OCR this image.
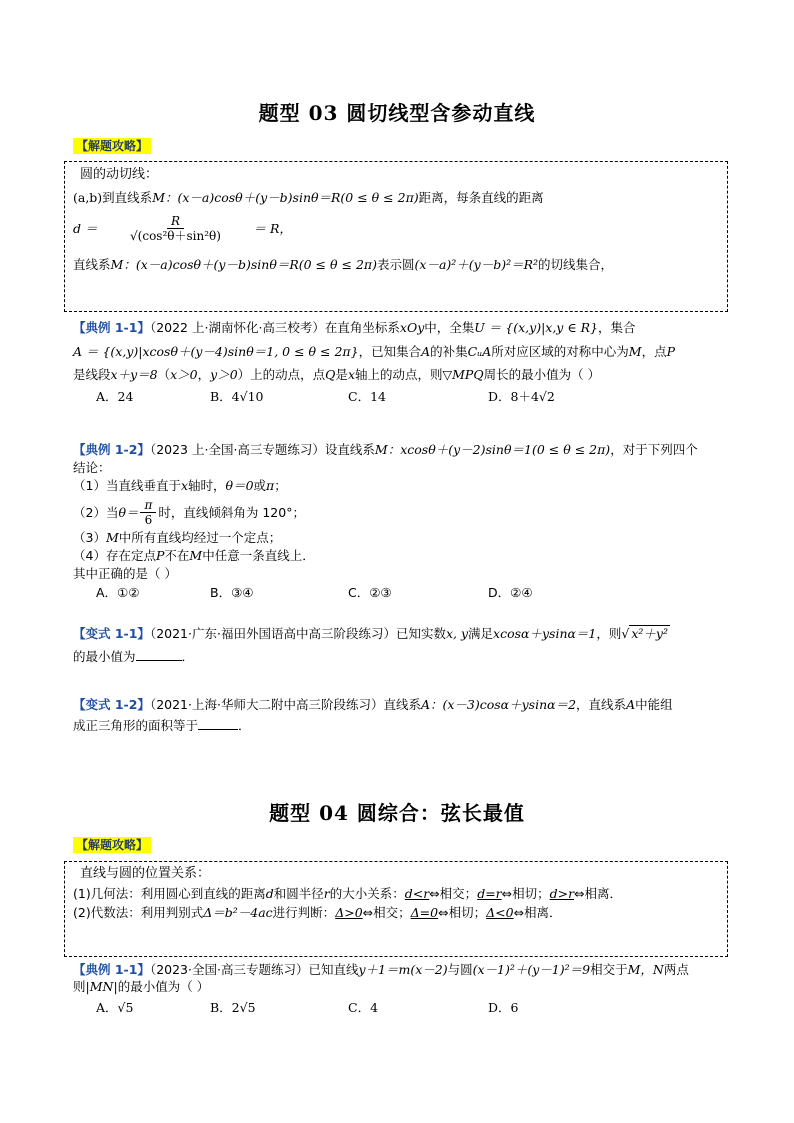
题型 03 圆切线型含参动直线
【解题攻略】
圆的动切线：
(a,b)到直线系M：(x－a)cosθ＋(y－b)sinθ＝R(0 ≤ θ ≤ 2π)距离，每条直线的距离
$d = \frac{R}{\text{√(cos²θ＋sin²θ)}} = R$，
直线系M：(x－a)cosθ＋(y－b)sinθ＝R(0 ≤ θ ≤ 2π)表示圆(x－a)²＋(y－b)²＝R²的切线集合，
【典例 1-1】（2022 上·湖南怀化·高三校考）在直角坐标系xOy中，全集U ＝ {(x,y)|x,y ∈ R}，集合
A ＝ {(x,y)|xcosθ＋(y－4)sinθ＝1, 0 ≤ θ ≤ 2π}，已知集合A的补集CᵤA所对应区域的对称中心为M，点P
是线段x＋y＝8（x＞0，y＞0）上的动点，点Q是x轴上的动点，则▽MPQ周长的最小值为（ ）
A．24	B．4√10	C．14	D．8＋4√2
【典例 1-2】（2023 上·全国·高三专题练习）设直线系M：xcosθ＋(y－2)sinθ＝1(0 ≤ θ ≤ 2π)，对于下列四个
结论：
（1）当直线垂直于x轴时，θ＝0或π；
（2）当 $\theta= \frac{\pi}{6}$ 时，直线倾斜角为 120°；
（3）M中所有直线均经过一个定点；
（4）存在定点P不在M中任意一条直线上．
其中正确的是（ ）
A．①②	B．③④	C．②③	D．②④
【变式 1-1】（2021·广东·福田外国语高中高三阶段练习）已知实数x, y满足xcosα＋ysinα＝1，则√ x²＋y²
的最小值为	．
【变式 1-2】（2021·上海·华师大二附中高三阶段练习）直线系A：(x－3)cosα＋ysinα＝2，直线系A中能组
成正三角形的面积等于	．
题型 04 圆综合：弦长最值
【解题攻略】
直线与圆的位置关系：
(1)几何法：利用圆心到直线的距离d和圆半径r的大小关系：d<r⇔相交；d=r⇔相切；d>r⇔相离．
(2)代数法：利用判别式Δ＝b²－4ac进行判断：Δ>0⇔相交；Δ=0⇔相切；Δ<0⇔相离．
【典例 1-1】（2023·全国·高三专题练习）已知直线y＋1＝m(x－2)与圆(x－1)²＋(y－1)²＝9相交于M，N两点
则|MN|的最小值为（ ）
A．√5	B．2√5	C．4	D．6
